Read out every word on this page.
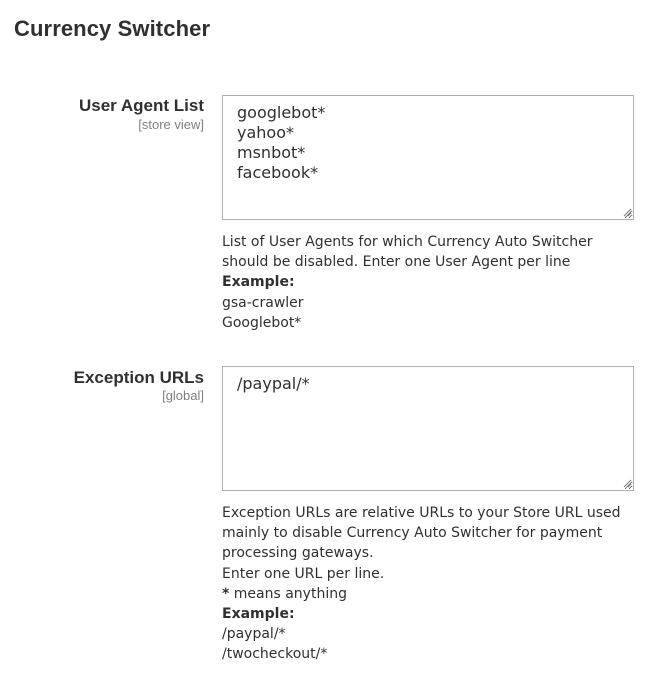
Currency Switcher
User Agent List
[store view]
googlebot* yahoo* msnbot* facebook*
List of User Agents for which Currency Auto Switcher
should be disabled. Enter one User Agent per line
Example:
gsa-crawler
Googlebot*
Exception URLs
[global]
/paypal/*
Exception URLs are relative URLs to your Store URL used
mainly to disable Currency Auto Switcher for payment
processing gateways.
Enter one URL per line.
* means anything
Example:
/paypal/*
/twocheckout/*
